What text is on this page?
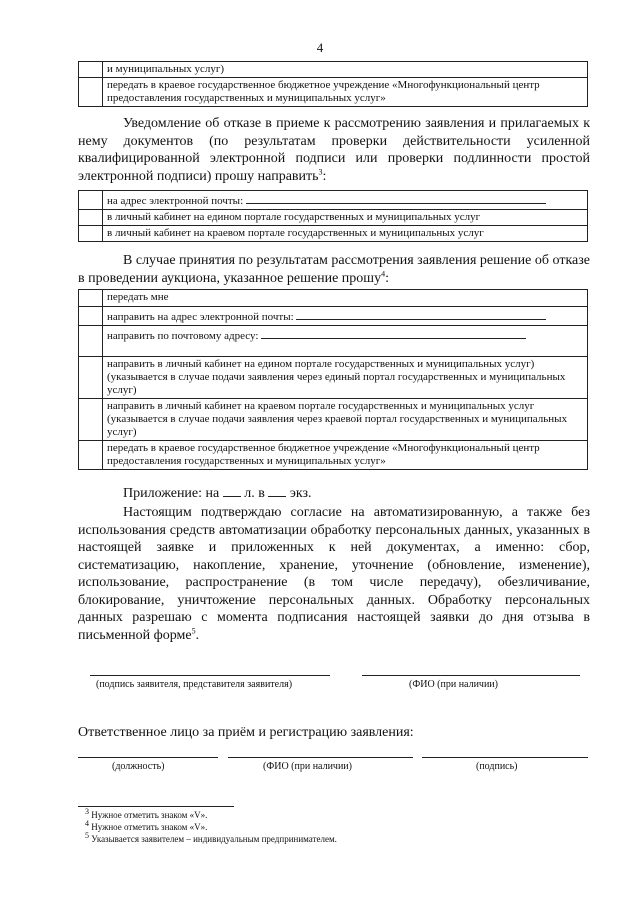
4
	и муниципальных услуг)
	передать в краевое государственное бюджетное учреждение «Многофункциональный центр предоставления государственных и муниципальных услуг»
Уведомление об отказе в приеме к рассмотрению заявления и прилагаемых к нему документов (по результатам проверки действительности усиленной квалифицированной электронной подписи или проверки подлинности простой электронной подписи) прошу направить$^3$:
	на адрес электронной почты:
	в личный кабинет на едином портале государственных и муниципальных услуг
	в личный кабинет на краевом портале государственных и муниципальных услуг
В случае принятия по результатам рассмотрения заявления решение об отказе в проведении аукциона, указанное решение прошу$^4$:
	передать мне
	направить на адрес электронной почты:
	направить по почтовому адресу:
	направить в личный кабинет на едином портале государственных и муниципальных услуг) (указывается в случае подачи заявления через единый портал государственных и муниципальных услуг)
	направить в личный кабинет на краевом портале государственных и муниципальных услуг (указывается в случае подачи заявления через краевой портал государственных и муниципальных услуг)
	передать в краевое государственное бюджетное учреждение «Многофункциональный центр предоставления государственных и муниципальных услуг»
Приложение: на л. в экз.
Настоящим подтверждаю согласие на автоматизированную, а также без использования средств автоматизации обработку персональных данных, указанных в настоящей заявке и приложенных к ней документах, а именно: сбор, систематизацию, накопление, хранение, уточнение (обновление, изменение), использование, распространение (в том числе передачу), обезличивание, блокирование, уничтожение персональных данных. Обработку персональных данных разрешаю с момента подписания настоящей заявки до дня отзыва в письменной форме$^5$.
(подпись заявителя, представителя заявителя)	(ФИО (при наличии)
Ответственное лицо за приём и регистрацию заявления:
(должность)	(ФИО (при наличии)	(подпись)
$^3$ Нужное отметить знаком «V».
$^4$ Нужное отметить знаком «V».
$^5$ Указывается заявителем – индивидуальным предпринимателем.
